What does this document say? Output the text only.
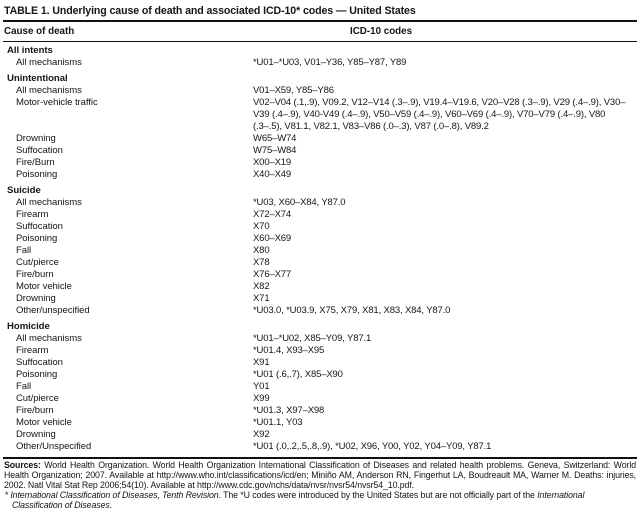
TABLE 1. Underlying cause of death and associated ICD-10* codes — United States
Cause of death	ICD-10 codes
All intents
All mechanisms	*U01–*U03, V01–Y36, Y85–Y87, Y89
Unintentional
All mechanisms	V01–X59, Y85–Y86
Motor-vehicle traffic	V02–V04 (.1,.9), V09.2, V12–V14 (.3–.9), V19.4–V19.6, V20–V28 (.3–.9), V29 (.4–.9), V30–V39 (.4–.9), V40-V49 (.4–.9), V50–V59 (.4–.9), V60–V69 (.4–.9), V70–V79 (.4–.9), V80 (.3–.5), V81.1, V82.1, V83–V86 (.0–.3), V87 (.0–.8), V89.2
Drowning	W65–W74
Suffocation	W75–W84
Fire/Burn	X00–X19
Poisoning	X40–X49
Suicide
All mechanisms	*U03, X60–X84, Y87.0
Firearm	X72–X74
Suffocation	X70
Poisoning	X60–X69
Fall	X80
Cut/pierce	X78
Fire/burn	X76–X77
Motor vehicle	X82
Drowning	X71
Other/unspecified	*U03.0, *U03.9, X75, X79, X81, X83, X84, Y87.0
Homicide
All mechanisms	*U01–*U02, X85–Y09, Y87.1
Firearm	*U01.4, X93–X95
Suffocation	X91
Poisoning	*U01 (.6,.7), X85–X90
Fall	Y01
Cut/pierce	X99
Fire/burn	*U01.3, X97–X98
Motor vehicle	*U01.1, Y03
Drowning	X92
Other/Unspecified	*U01 (.0,.2,.5,.8,.9), *U02, X96, Y00, Y02, Y04–Y09, Y87.1
Sources: World Health Organization. World Health Organization International Classification of Diseases and related health problems. Geneva, Switzerland: World Health Organization; 2007. Available at http://www.who.int/classifications/icd/en; Miniño AM, Anderson RN, Fingerhut LA, Boudreault MA, Warner M. Deaths: injuries, 2002. Natl Vital Stat Rep 2006;54(10). Available at http://www.cdc.gov/nchs/data/nvsr/nvsr54/nvsr54_10.pdf.
* International Classification of Diseases, Tenth Revision. The *U codes were introduced by the United States but are not officially part of the International Classification of Diseases.
